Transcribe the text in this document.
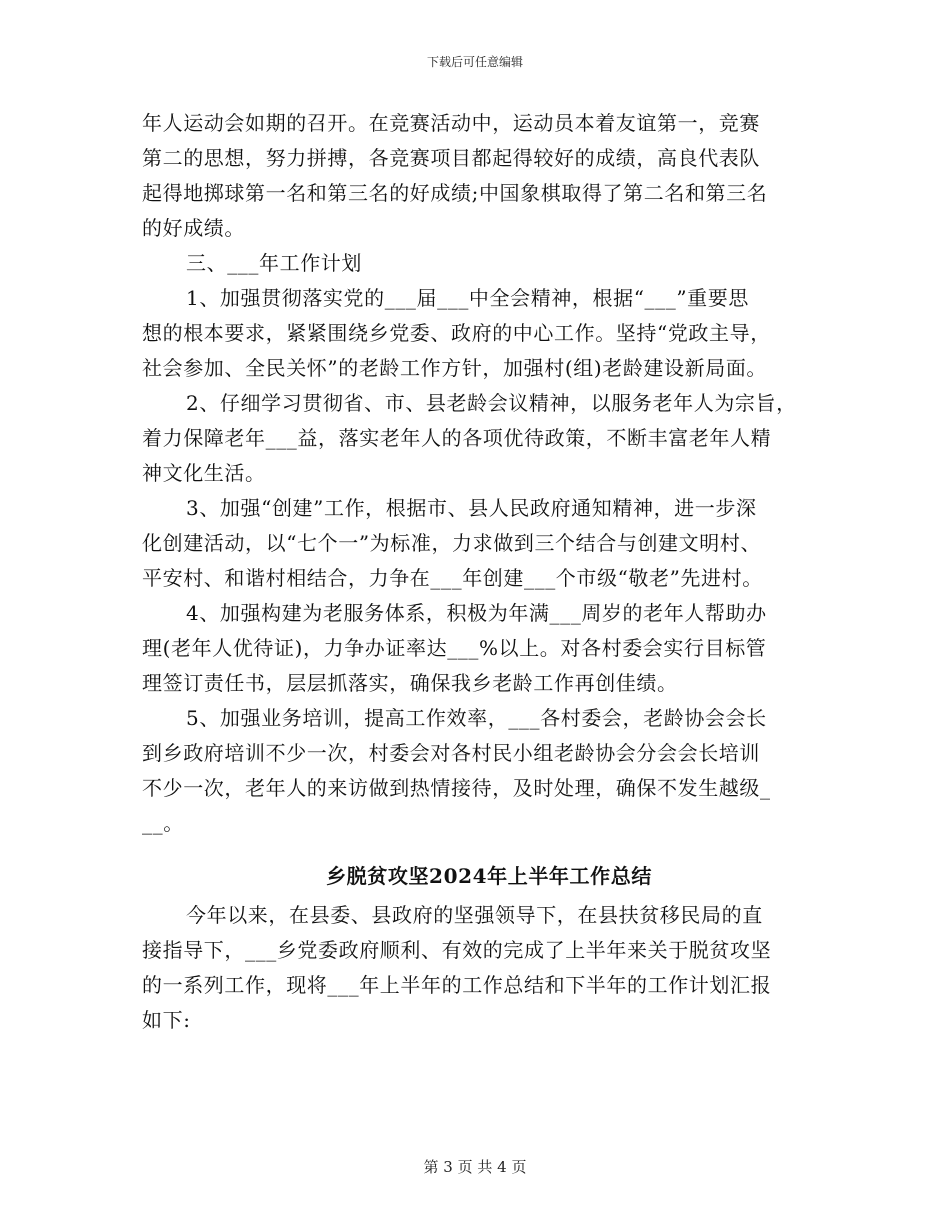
下载后可任意编辑
年人运动会如期的召开。在竞赛活动中，运动员本着友谊第一，竞赛
第二的思想，努力拼搏，各竞赛项目都起得较好的成绩，高良代表队
起得地掷球第一名和第三名的好成绩;中国象棋取得了第二名和第三名
的好成绩。
三、___年工作计划
1、加强贯彻落实党的___届___中全会精神，根据“___”重要思
想的根本要求，紧紧围绕乡党委、政府的中心工作。坚持“党政主导，
社会参加、全民关怀”的老龄工作方针，加强村(组)老龄建设新局面。
2、仔细学习贯彻省、市、县老龄会议精神，以服务老年人为宗旨，
着力保障老年___益，落实老年人的各项优待政策，不断丰富老年人精
神文化生活。
3、加强“创建”工作，根据市、县人民政府通知精神，进一步深
化创建活动，以“七个一”为标准，力求做到三个结合与创建文明村、
平安村、和谐村相结合，力争在___年创建___个市级“敬老”先进村。
4、加强构建为老服务体系，积极为年满___周岁的老年人帮助办
理(老年人优待证)，力争办证率达___%以上。对各村委会实行目标管
理签订责任书，层层抓落实，确保我乡老龄工作再创佳绩。
5、加强业务培训，提高工作效率，___各村委会，老龄协会会长
到乡政府培训不少一次，村委会对各村民小组老龄协会分会会长培训
不少一次，老年人的来访做到热情接待，及时处理，确保不发生越级_
__。
乡脱贫攻坚2024年上半年工作总结
今年以来，在县委、县政府的坚强领导下，在县扶贫移民局的直
接指导下，___乡党委政府顺利、有效的完成了上半年来关于脱贫攻坚
的一系列工作，现将___年上半年的工作总结和下半年的工作计划汇报
如下:
第 3 页 共 4 页
